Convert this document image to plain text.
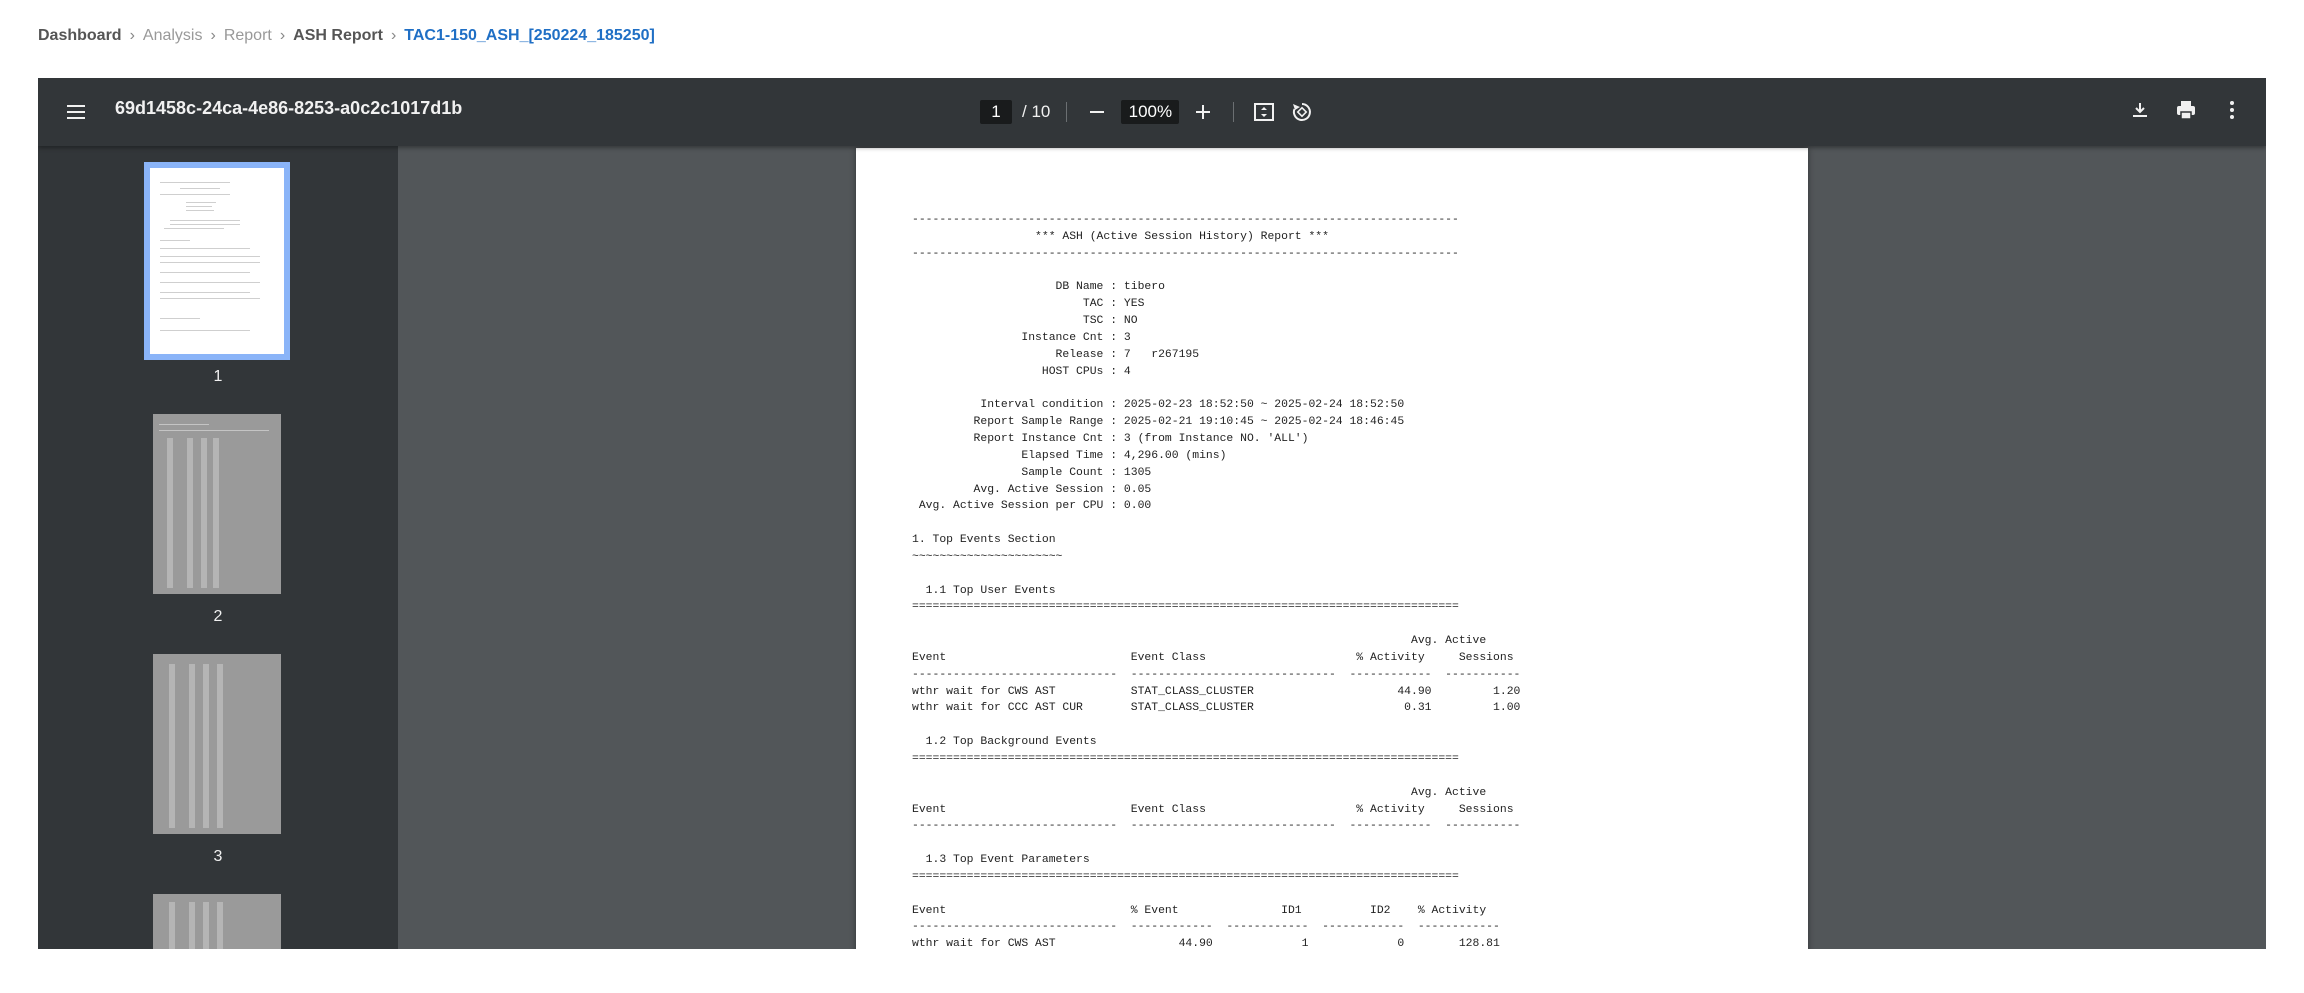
Dashboard › Analysis › Report › ASH Report › TAC1-150_ASH_[250224_185250]
69d1458c-24ca-4e86-8253-a0c2c1017d1b	1	/ 10	100%
1
2
3
--------------------------------------------------------------------------------
*** ASH (Active Session History) Report ***
--------------------------------------------------------------------------------
DB Name : tibero
TAC : YES
TSC : NO
Instance Cnt : 3
Release : 7   r267195
HOST CPUs : 4
Interval condition : 2025-02-23 18:52:50 ~ 2025-02-24 18:52:50
Report Sample Range : 2025-02-21 19:10:45 ~ 2025-02-24 18:46:45
Report Instance Cnt : 3 (from Instance NO. 'ALL')
Elapsed Time : 4,296.00 (mins)
Sample Count : 1305
Avg. Active Session : 0.05
Avg. Active Session per CPU : 0.00
1. Top Events Section
~~~~~~~~~~~~~~~~~~~~~~
1.1 Top User Events
================================================================================
Avg. Active
Event                           Event Class                      % Activity     Sessions
------------------------------  ------------------------------  ------------  -----------
wthr wait for CWS AST           STAT_CLASS_CLUSTER                     44.90         1.20
wthr wait for CCC AST CUR       STAT_CLASS_CLUSTER                      0.31         1.00
1.2 Top Background Events
================================================================================
Avg. Active
Event                           Event Class                      % Activity     Sessions
------------------------------  ------------------------------  ------------  -----------
1.3 Top Event Parameters
================================================================================
Event                           % Event               ID1          ID2    % Activity
------------------------------  ------------  ------------  ------------  ------------
wthr wait for CWS AST                  44.90             1             0        128.81
